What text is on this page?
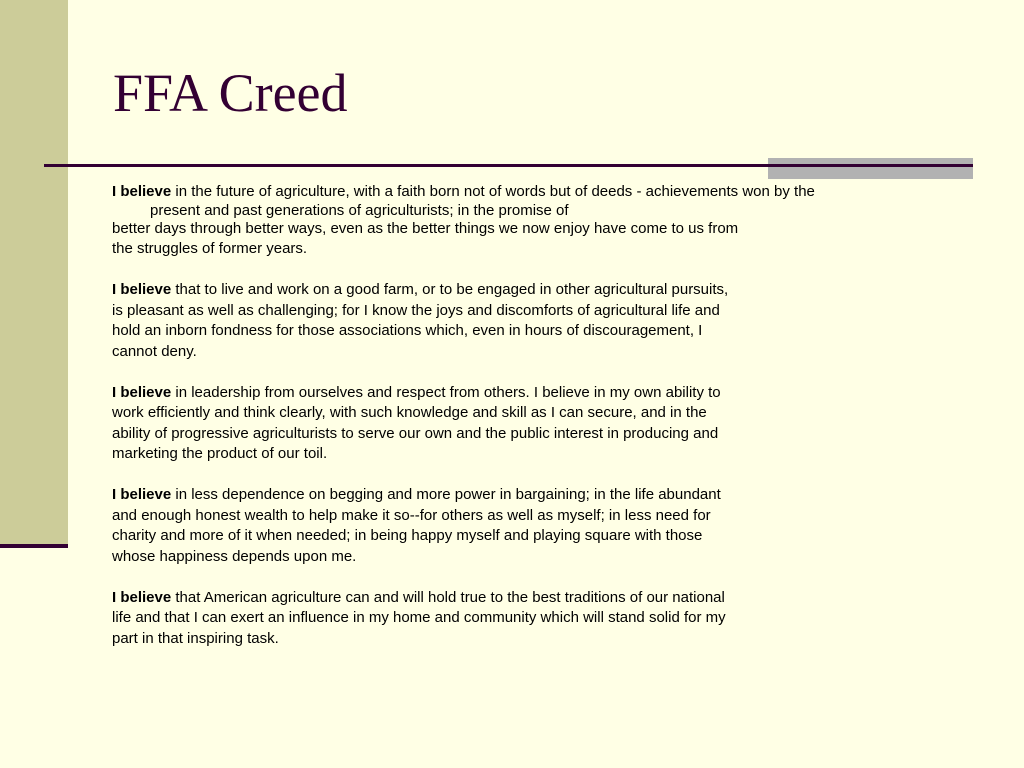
FFA Creed
I believe in the future of agriculture, with a faith born not of words but of deeds - achievements won by the
present and past generations of agriculturists; in the promise of
better days through better ways, even as the better things we now enjoy have come to us from
the struggles of former years.
I believe that to live and work on a good farm, or to be engaged in other agricultural pursuits,
is pleasant as well as challenging; for I know the joys and discomforts of agricultural life and
hold an inborn fondness for those associations which, even in hours of discouragement, I
cannot deny.
I believe in leadership from ourselves and respect from others. I believe in my own ability to
work efficiently and think clearly, with such knowledge and skill as I can secure, and in the
ability of progressive agriculturists to serve our own and the public interest in producing and
marketing the product of our toil.
I believe in less dependence on begging and more power in bargaining; in the life abundant
and enough honest wealth to help make it so--for others as well as myself; in less need for
charity and more of it when needed; in being happy myself and playing square with those
whose happiness depends upon me.
I believe that American agriculture can and will hold true to the best traditions of our national
life and that I can exert an influence in my home and community which will stand solid for my
part in that inspiring task.
